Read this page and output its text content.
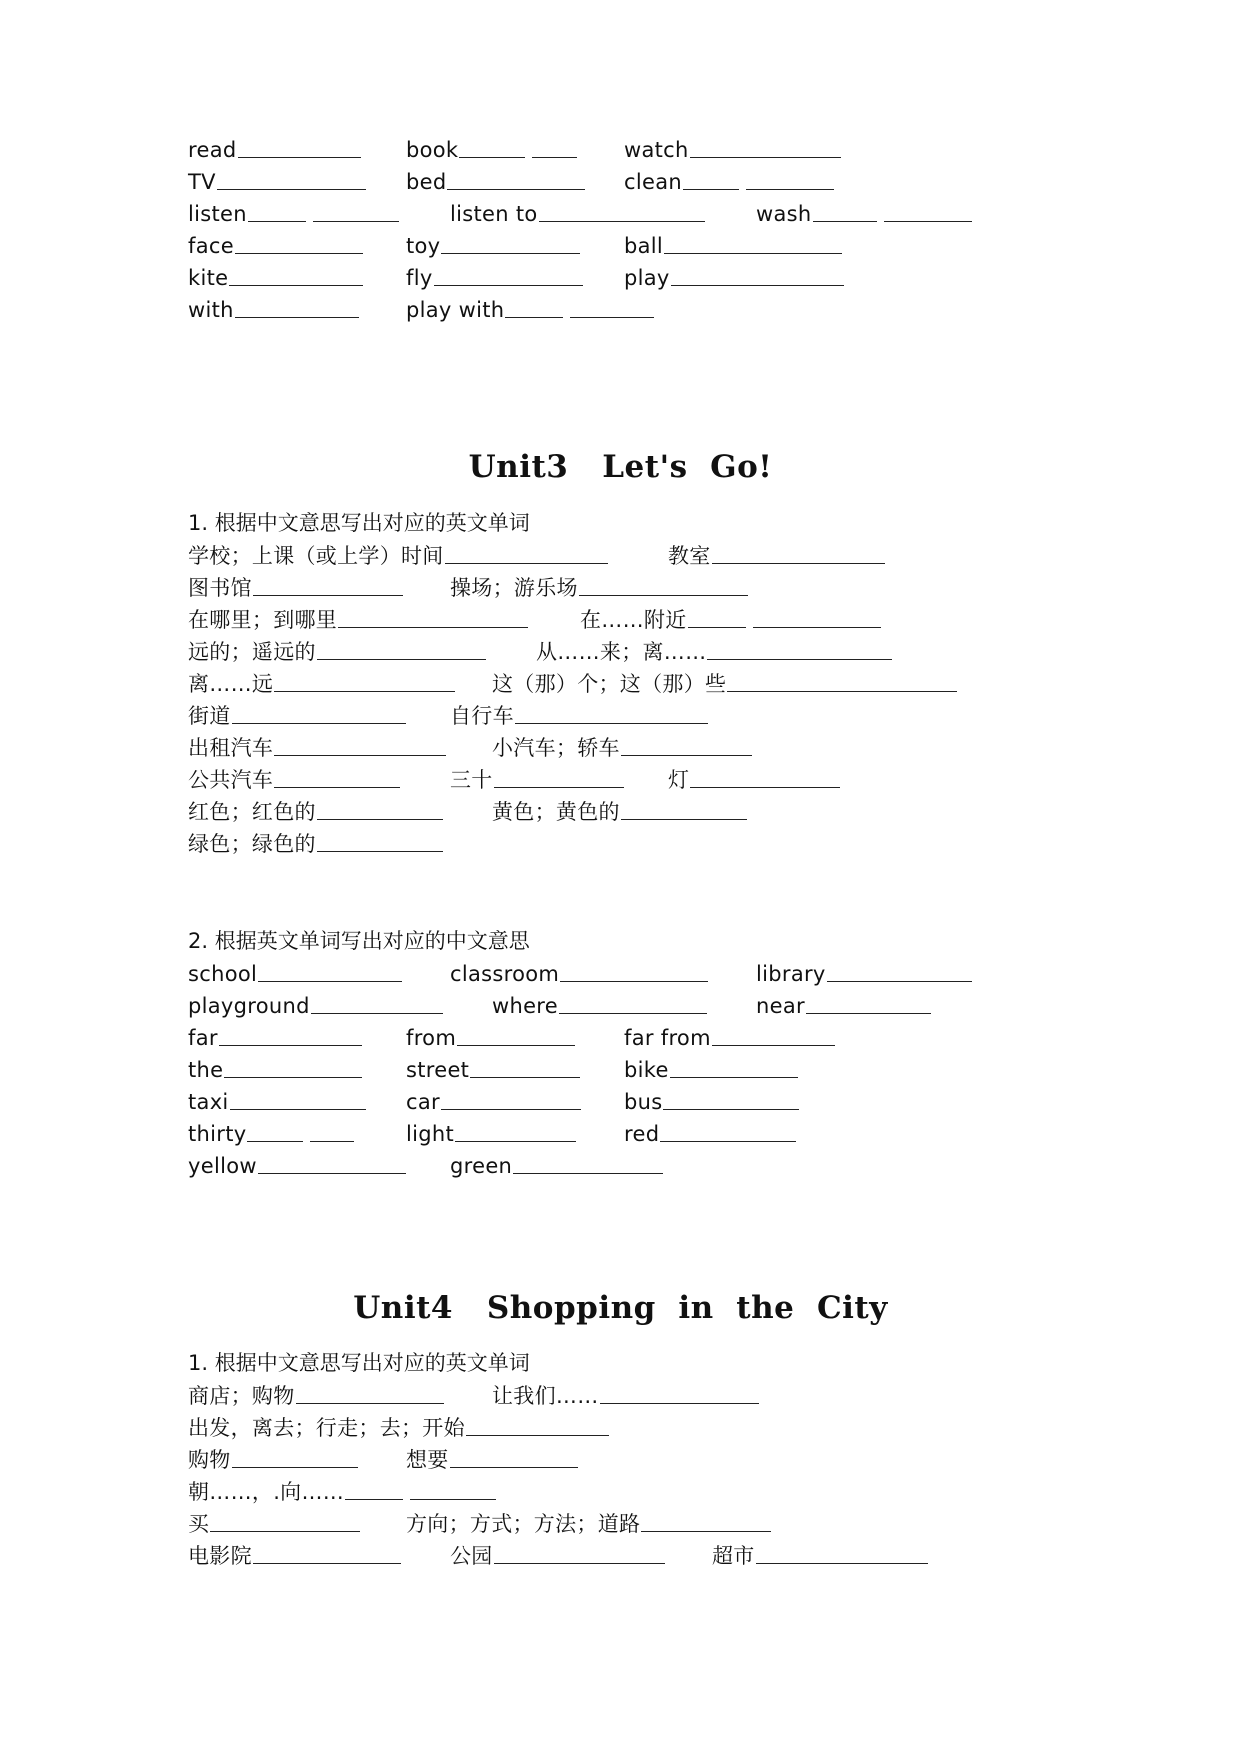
read	book	watch
TV	bed	clean
listen	listen to	wash
face	toy	ball
kite	fly	play
with	play with
Unit3   Let's  Go!
1. 根据中文意思写出对应的英文单词
学校；上课（或上学）时间	教室
图书馆	操场；游乐场
在哪里；到哪里	在……附近
远的；遥远的	从……来；离……
离……远	这（那）个；这（那）些
街道	自行车
出租汽车	小汽车；轿车
公共汽车	三十	灯
红色；红色的	黄色；黄色的
绿色；绿色的
2. 根据英文单词写出对应的中文意思
school	classroom	library
playground	where	near
far	from	far from
the	street	bike
taxi	car	bus
thirty	light	red
yellow	green
Unit4   Shopping  in  the  City
1. 根据中文意思写出对应的英文单词
商店；购物	让我们……
出发，离去；行走；去；开始
购物	想要
朝……，.向……
买	方向；方式；方法；道路
电影院	公园	超市
